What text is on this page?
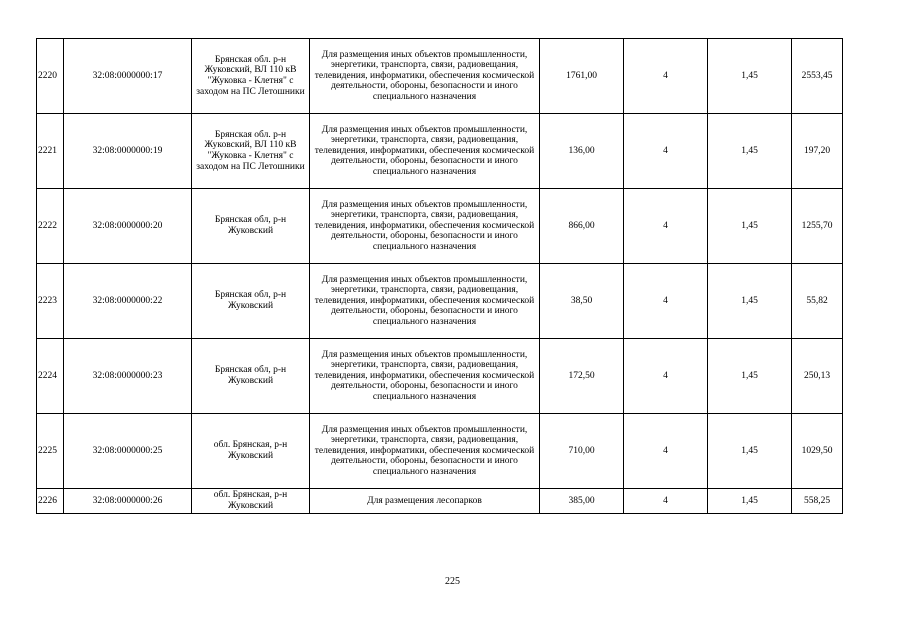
2220	32:08:0000000:17	Брянская обл. р-н Жуковский, ВЛ 110 кВ "Жуковка - Клетня" с заходом на ПС Летошники	Для размещения иных объектов промышленности, энергетики, транспорта, связи, радиовещания, телевидения, информатики, обеспечения космической деятельности, обороны, безопасности и иного специального назначения	1761,00	4	1,45	2553,45
2221	32:08:0000000:19	Брянская обл. р-н Жуковский, ВЛ 110 кВ "Жуковка - Клетня" с заходом на ПС Летошники	Для размещения иных объектов промышленности, энергетики, транспорта, связи, радиовещания, телевидения, информатики, обеспечения космической деятельности, обороны, безопасности и иного специального назначения	136,00	4	1,45	197,20
2222	32:08:0000000:20	Брянская обл, р-н Жуковский	Для размещения иных объектов промышленности, энергетики, транспорта, связи, радиовещания, телевидения, информатики, обеспечения космической деятельности, обороны, безопасности и иного специального назначения	866,00	4	1,45	1255,70
2223	32:08:0000000:22	Брянская обл, р-н Жуковский	Для размещения иных объектов промышленности, энергетики, транспорта, связи, радиовещания, телевидения, информатики, обеспечения космической деятельности, обороны, безопасности и иного специального назначения	38,50	4	1,45	55,82
2224	32:08:0000000:23	Брянская обл, р-н Жуковский	Для размещения иных объектов промышленности, энергетики, транспорта, связи, радиовещания, телевидения, информатики, обеспечения космической деятельности, обороны, безопасности и иного специального назначения	172,50	4	1,45	250,13
2225	32:08:0000000:25	обл. Брянская, р-н Жуковский	Для размещения иных объектов промышленности, энергетики, транспорта, связи, радиовещания, телевидения, информатики, обеспечения космической деятельности, обороны, безопасности и иного специального назначения	710,00	4	1,45	1029,50
2226	32:08:0000000:26	обл. Брянская, р-н Жуковский	Для размещения лесопарков	385,00	4	1,45	558,25
225
